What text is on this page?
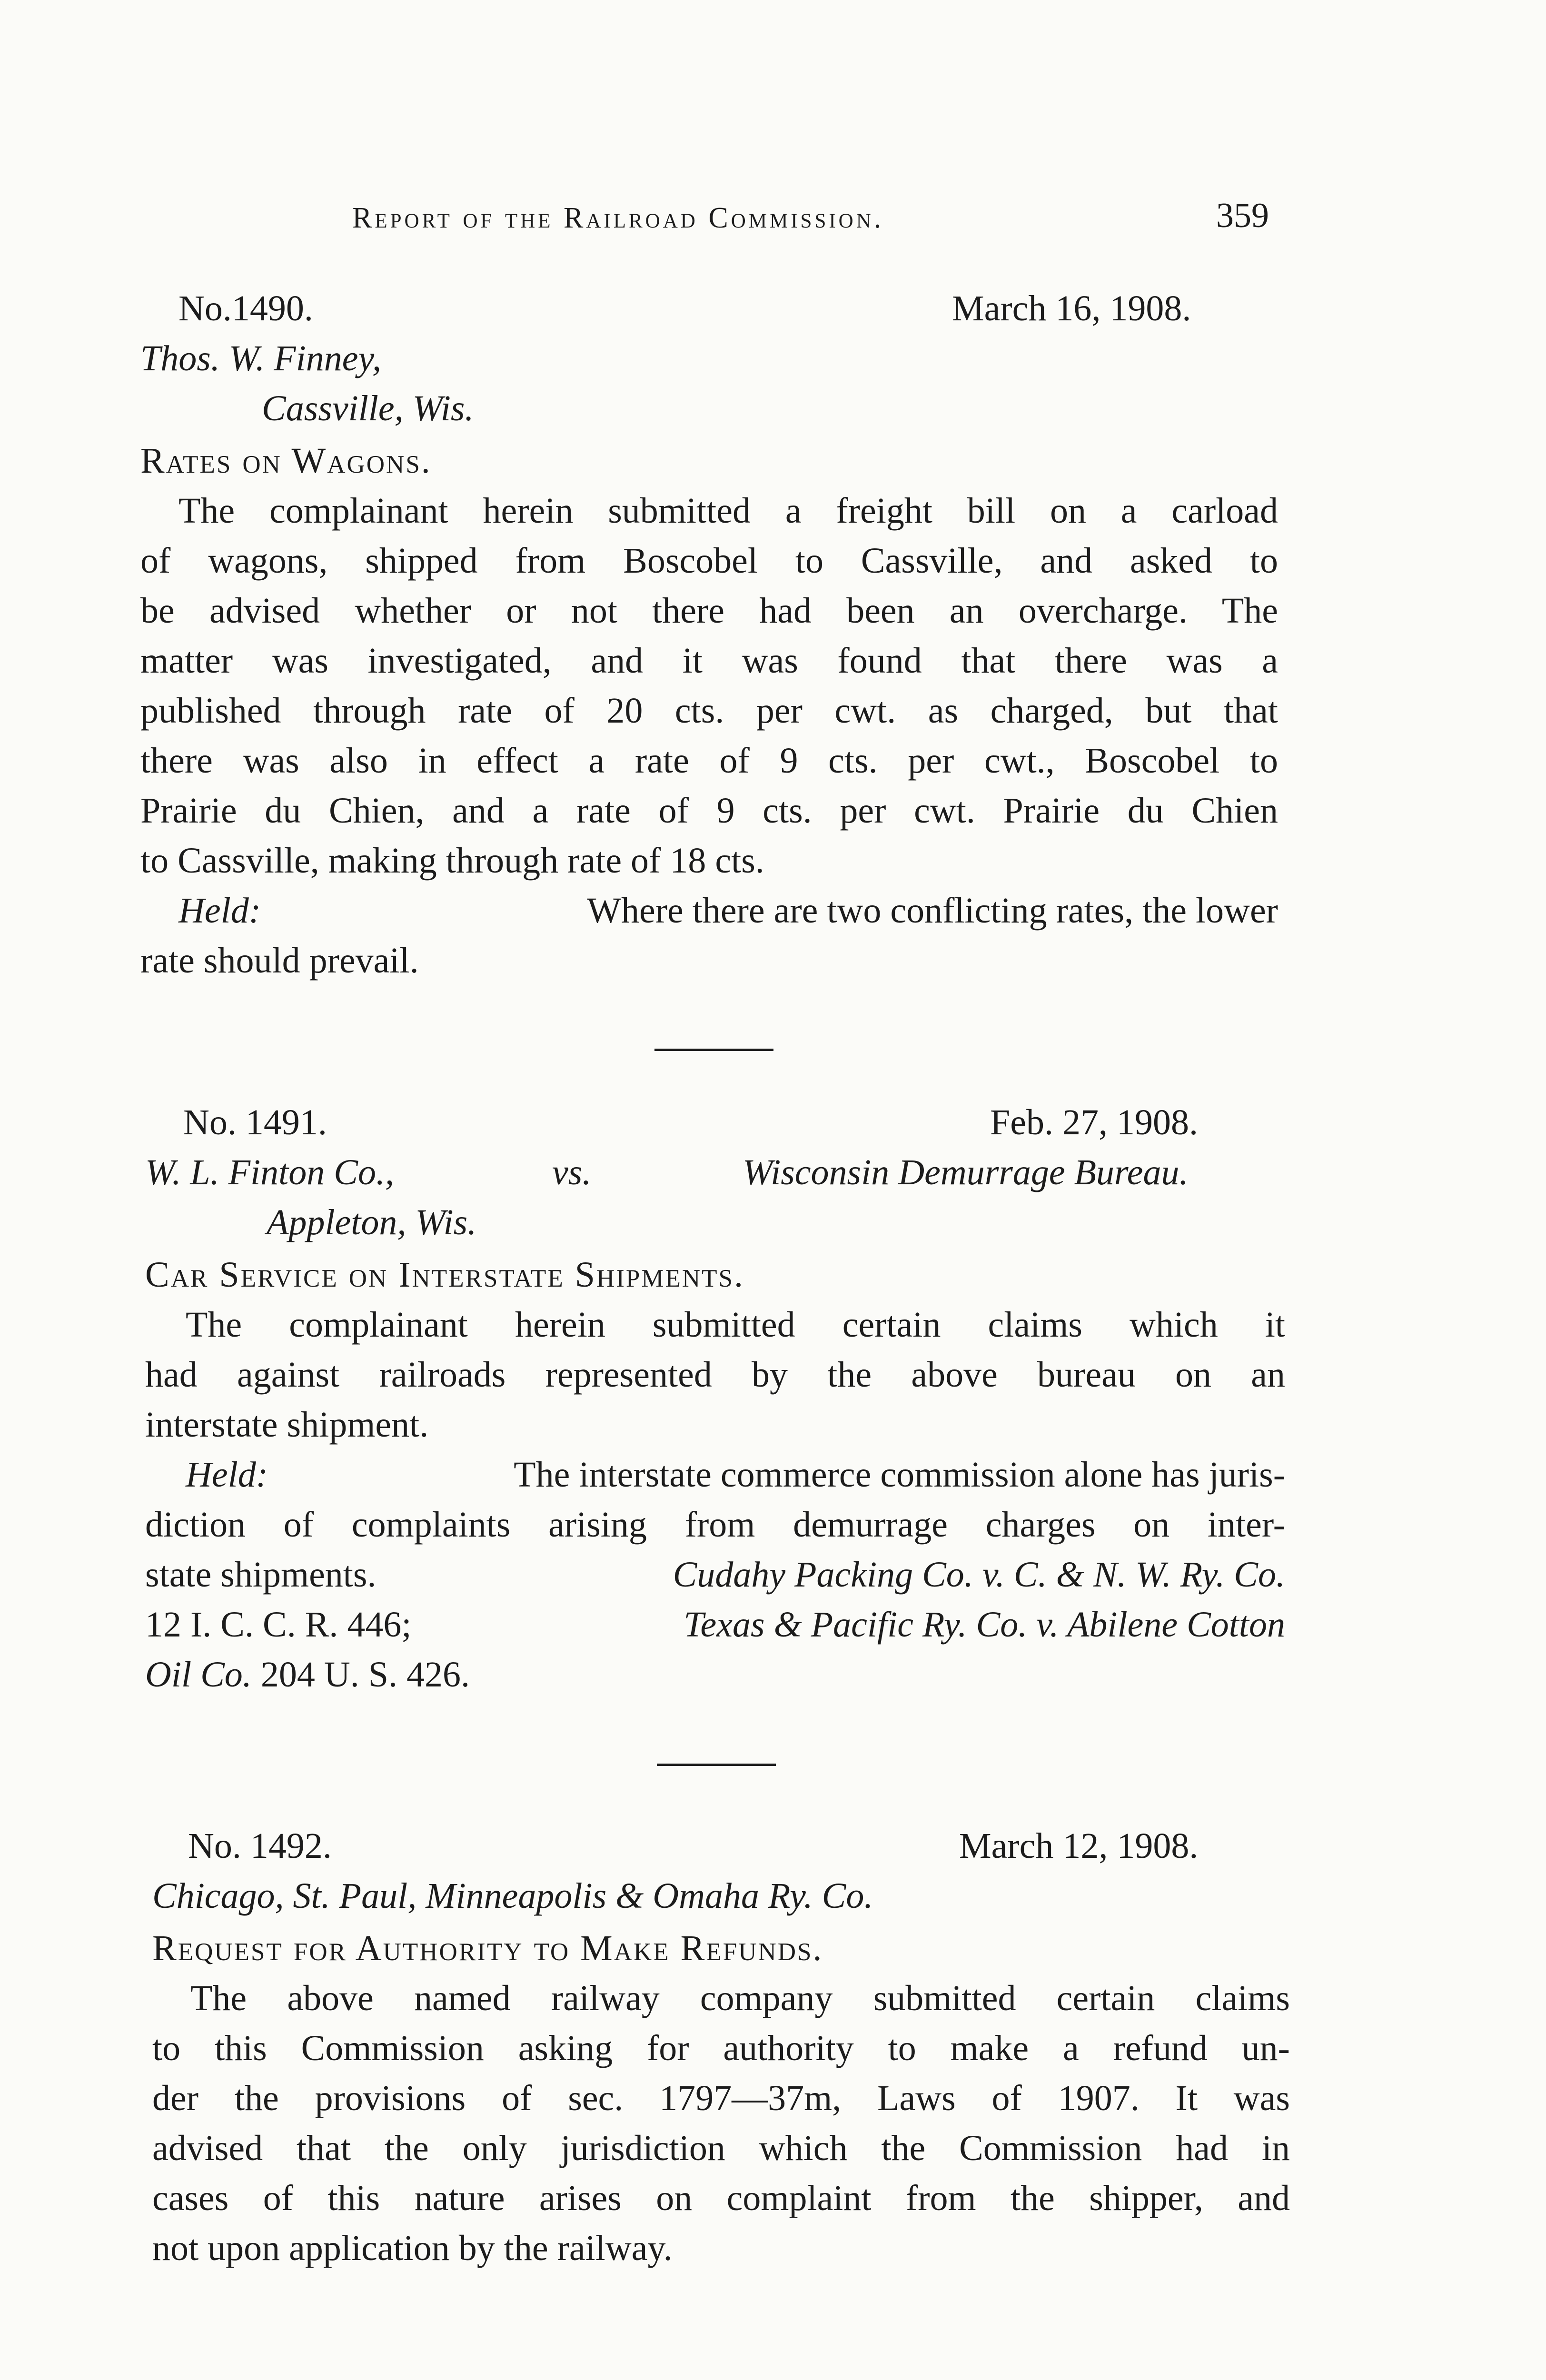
Report of the Railroad Commission.	359
No.1490.	March 16, 1908.
Thos. W. Finney,
Cassville, Wis.
Rates on Wagons.
The complainant herein submitted a freight bill on a carload
of wagons, shipped from Boscobel to Cassville, and asked to
be advised whether or not there had been an overcharge. The
matter was investigated, and it was found that there was a
published through rate of 20 cts. per cwt. as charged, but that
there was also in effect a rate of 9 cts. per cwt., Boscobel to
Prairie du Chien, and a rate of 9 cts. per cwt. Prairie du Chien
to Cassville, making through rate of 18 cts.
Held:	Where there are two conflicting rates, the lower
rate should prevail.
No. 1491.	Feb. 27, 1908.
W. L. Finton Co.,	vs.	Wisconsin Demurrage Bureau.
Appleton, Wis.
Car Service on Interstate Shipments.
The complainant herein submitted certain claims which it
had against railroads represented by the above bureau on an
interstate shipment.
Held:	The interstate commerce commission alone has juris-
diction of complaints arising from demurrage charges on inter-
state shipments.	Cudahy Packing Co. v. C. & N. W. Ry. Co.
12 I. C. C. R. 446;	Texas & Pacific Ry. Co. v. Abilene Cotton
Oil Co. 204 U. S. 426.
No. 1492.	March 12, 1908.
Chicago, St. Paul, Minneapolis & Omaha Ry. Co.
Request for Authority to Make Refunds.
The above named railway company submitted certain claims
to this Commission asking for authority to make a refund un-
der the provisions of sec. 1797—37m, Laws of 1907. It was
advised that the only jurisdiction which the Commission had in
cases of this nature arises on complaint from the shipper, and
not upon application by the railway.
